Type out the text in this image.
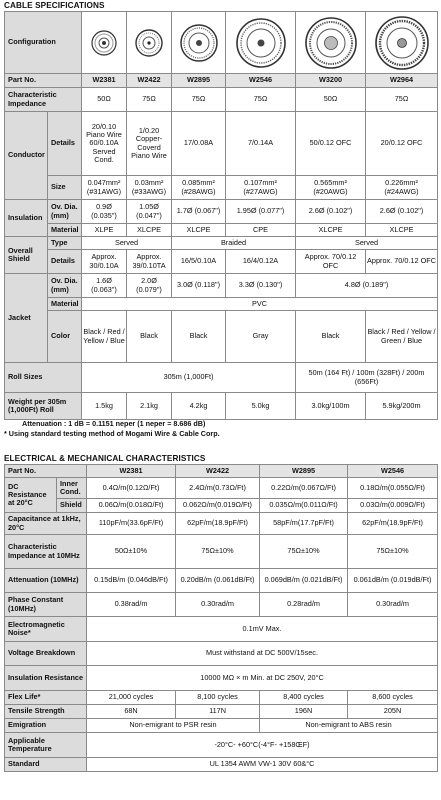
CABLE SPECIFICATIONS
Configuration	

Part No.		W2381	W2422	W2895	W2546	W3200	W2964
Characteristic Impedance		50Ω	75Ω	75Ω	75Ω	50Ω	75Ω
Conductor	Details	20/0.10 Piano Wire 60/0.10A Served Cond.	1/0.20 Copper-Coverd Piano Wire	17/0.08A	7/0.14A	50/0.12 OFC	20/0.12 OFC
	Size	0.047mm² (#31AWG)	0.03mm² (#33AWG)	0.085mm² (#28AWG)	0.107mm² (#27AWG)	0.565mm² (#20AWG)	0.226mm² (#24AWG)
Insulation	Ov. Dia.(mm)	0.9Ø (0.035")	1.05Ø (0.047")	1.7Ø (0.067")	1.95Ø (0.077")	2.6Ø (0.102")	2.6Ø (0.102")
	Material	XLPE	XLCPE	XLCPE	CPE	XLCPE	XLCPE
Overall Shield	Type	Served		Braided		Served	
	Details	Approx. 30/0.10A	Approx. 39/0.10TA	16/5/0.10A	16/4/0.12A	Approx. 70/0.12 OFC	Approx. 70/0.12 OFC
Jacket	Ov. Dia.(mm)	1.6Ø (0.063")	2.0Ø (0.079")	3.0Ø (0.118")	3.3Ø (0.130")	4.8Ø (0.189")	
	Material	PVC					
	Color	Black / Red / Yellow / Blue	Black	Black	Gray	Black	Black / Red / Yellow / Green / Blue
Roll Sizes		305m (1,000Ft)				50m (164 Ft) / 100m (328Ft) / 200m (656Ft)	
Weight per 305m (1,000Ft) Roll		1.5kg	2.1kg	4.2kg	5.0kg	3.0kg/100m	5.9kg/200m
Attenuation : 1 dB = 0.1151 neper (1 neper = 8.686 dB)
* Using standard testing method of Mogami Wire & Cable Corp.
ELECTRICAL & MECHANICAL CHARACTERISTICS
Part No.		W2381	W2422	W2895	W2546
DC Resistance at 20°C	Inner Cond.	0.4Ω/m(0.12Ω/Ft)	2.4Ω/m(0.73Ω/Ft)	0.22Ω/m(0.067Ω/Ft)	0.18Ω/m(0.055Ω/Ft)
	Shield	0.06Ω/m(0.018Ω/Ft)	0.062Ω/m(0.019Ω/Ft)	0.035Ω/m(0.011Ω/Ft)	0.03Ω/m(0.009Ω/Ft)
Capacitance at 1kHz, 20°C		110pF/m(33.6pF/Ft)	62pF/m(18.9pF/Ft)	58pF/m(17.7pF/Ft)	62pF/m(18.9pF/Ft)
Characteristic Impedance at 10MHz		50Ω±10%	75Ω±10%	75Ω±10%	75Ω±10%
Attenuation (10MHz)		0.15dB/m (0.046dB/Ft)	0.20dB/m (0.061dB/Ft)	0.069dB/m (0.021dB/Ft)	0.061dB/m (0.019dB/Ft)
Phase Constant (10MHz)		0.38rad/m	0.30rad/m	0.28rad/m	0.30rad/m
Electromagnetic Noise*		0.1mV Max.			
Voltage Breakdown		Must withstand at DC 500V/15sec.			
Insulation Resistance		10000 MΩ × m Min. at DC 250V, 20°C			
Flex Life*		21,000 cycles	8,100 cycles	8,400 cycles	8,600 cycles
Tensile Strength		68N	117N	196N	205N
Emigration		Non-emigrant to PSR resin		Non-emigrant to ABS resin	
Applicable Temperature		-20°C- +60°C(-4°F- +158ŒF)			
Standard		UL 1354 AWM VW-1 30V 60&°C			
